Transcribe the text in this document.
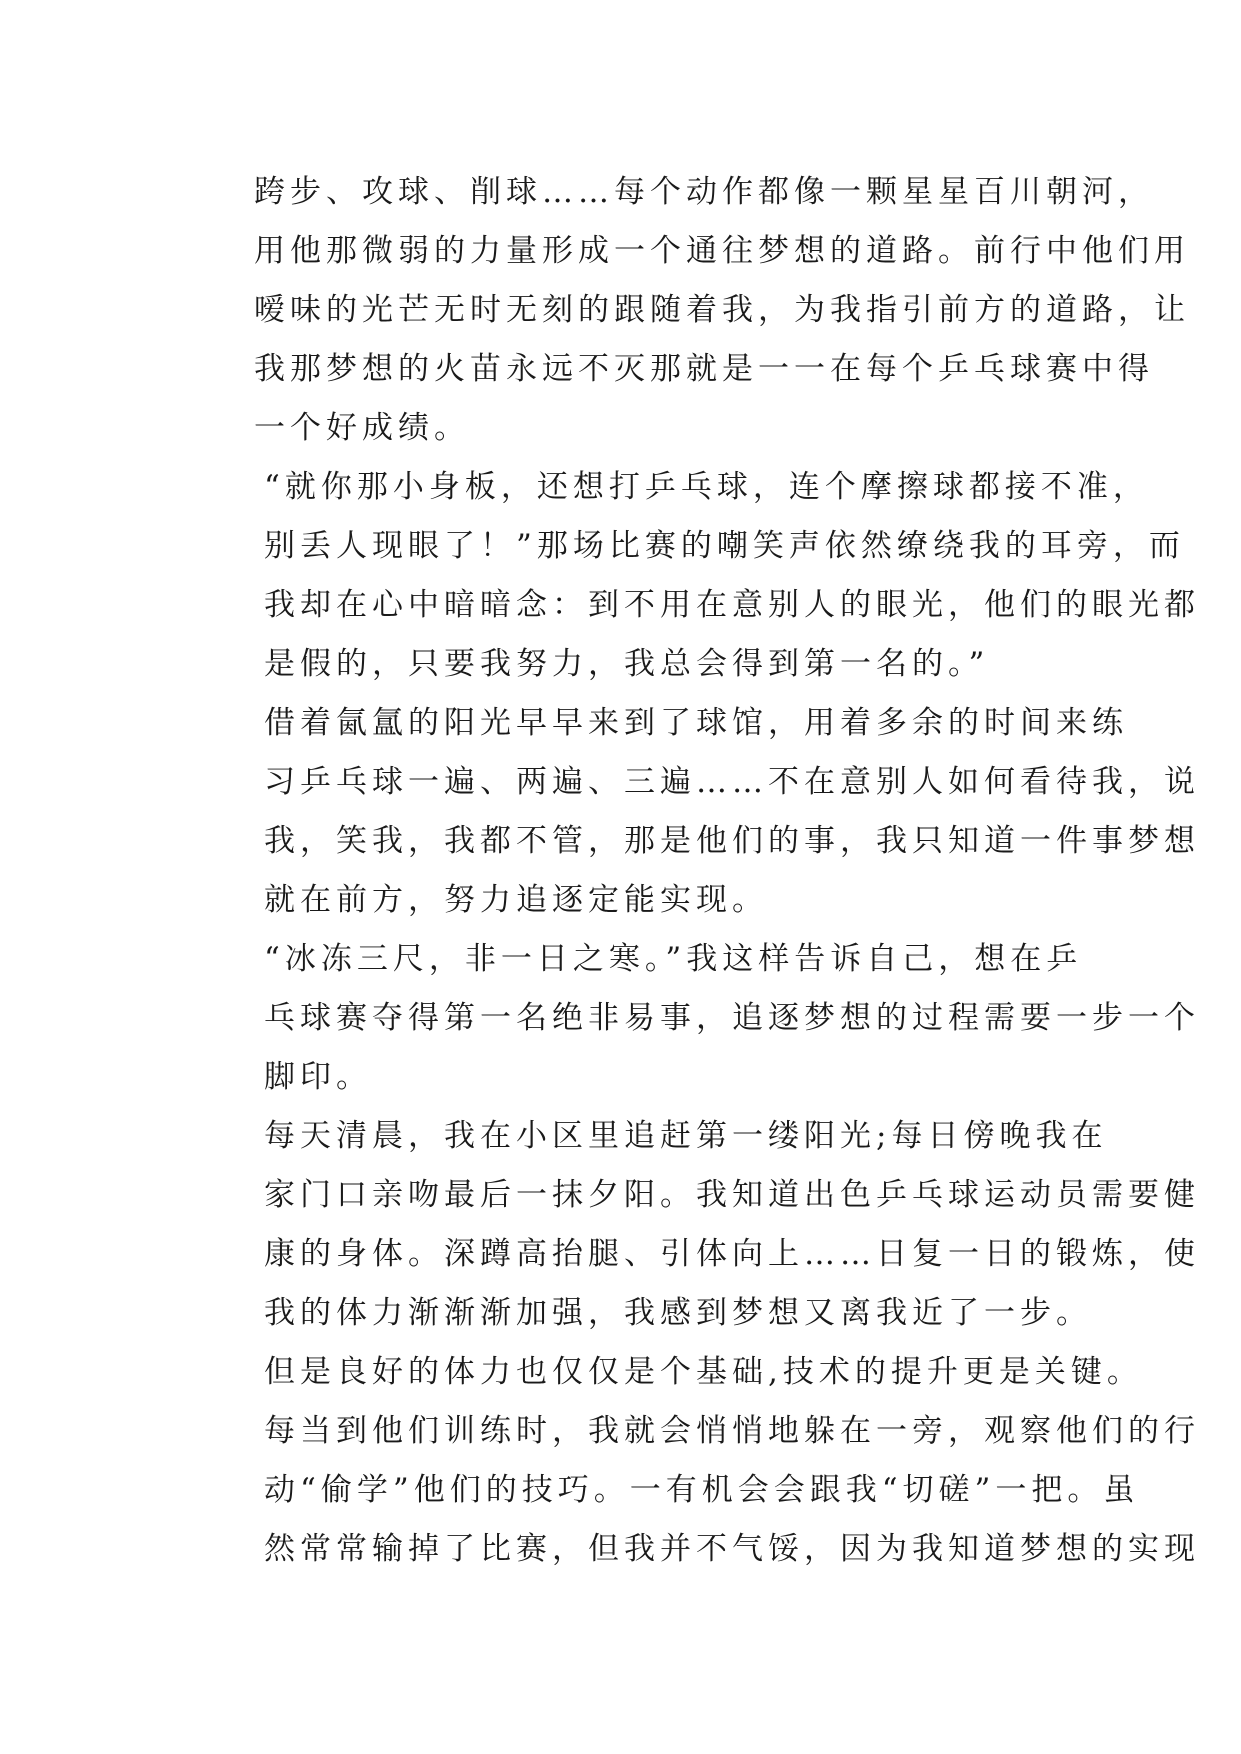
跨步、攻球、削球……每个动作都像一颗星星百川朝河，
用他那微弱的力量形成一个通往梦想的道路。前行中他们用
嗳味的光芒无时无刻的跟随着我，为我指引前方的道路，让
我那梦想的火苗永远不灭那就是一一在每个乒乓球赛中得
一个好成绩。

“就你那小身板，还想打乒乓球，连个摩擦球都接不准，
别丢人现眼了！”那场比赛的嘲笑声依然缭绕我的耳旁，而
我却在心中暗暗念：到不用在意别人的眼光，他们的眼光都
是假的，只要我努力，我总会得到第一名的。”

借着氤氲的阳光早早来到了球馆，用着多余的时间来练
习乒乓球一遍、两遍、三遍……不在意别人如何看待我，说
我，笑我，我都不管，那是他们的事，我只知道一件事梦想
就在前方，努力追逐定能实现。

“冰冻三尺，非一日之寒。”我这样告诉自己，想在乒
乓球赛夺得第一名绝非易事，追逐梦想的过程需要一步一个
脚印。

每天清晨，我在小区里追赶第一缕阳光;每日傍晚我在
家门口亲吻最后一抹夕阳。我知道出色乒乓球运动员需要健
康的身体。深蹲高抬腿、引体向上……日复一日的锻炼，使
我的体力渐渐渐加强，我感到梦想又离我近了一步。

但是良好的体力也仅仅是个基础,技术的提升更是关键。
每当到他们训练时，我就会悄悄地躲在一旁，观察他们的行
动“偷学”他们的技巧。一有机会会跟我“切磋”一把。虽
然常常输掉了比赛，但我并不气馁，因为我知道梦想的实现
